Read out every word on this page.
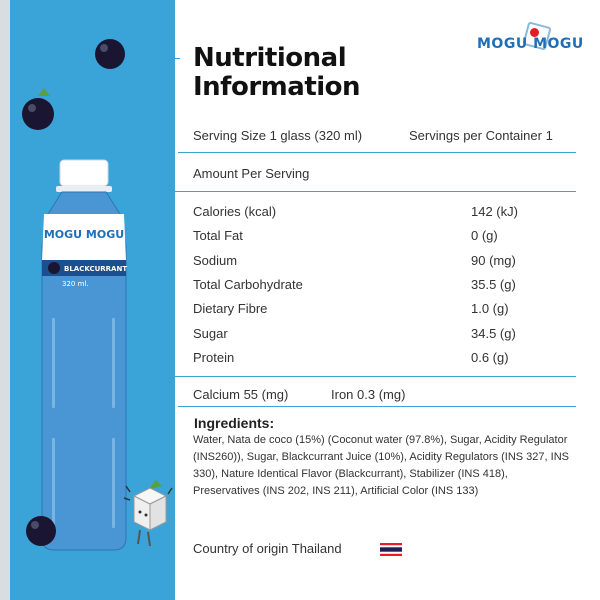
MOGU MOGU
BLACKCURRANT
320 ml.
Nutritional
Information
MOGU MOGU
Serving Size 1 glass (320 ml)	Servings per Container 1
Amount Per Serving
Calories (kcal)	142 (kJ)
Total Fat	0 (g)
Sodium	90 (mg)
Total Carbohydrate	35.5 (g)
Dietary Fibre	1.0 (g)
Sugar	34.5 (g)
Protein	0.6 (g)
Calcium 55 (mg)	Iron 0.3 (mg)
Ingredients:
Water, Nata de coco (15%) (Coconut water (97.8%), Sugar, Acidity Regulator (INS260)), Sugar, Blackcurrant Juice (10%), Acidity Regulators (INS 327, INS 330), Nature Identical Flavor (Blackcurrant), Stabilizer (INS 418), Preservatives (INS 202, INS 211), Artificial Color (INS 133)
Country of origin Thailand
